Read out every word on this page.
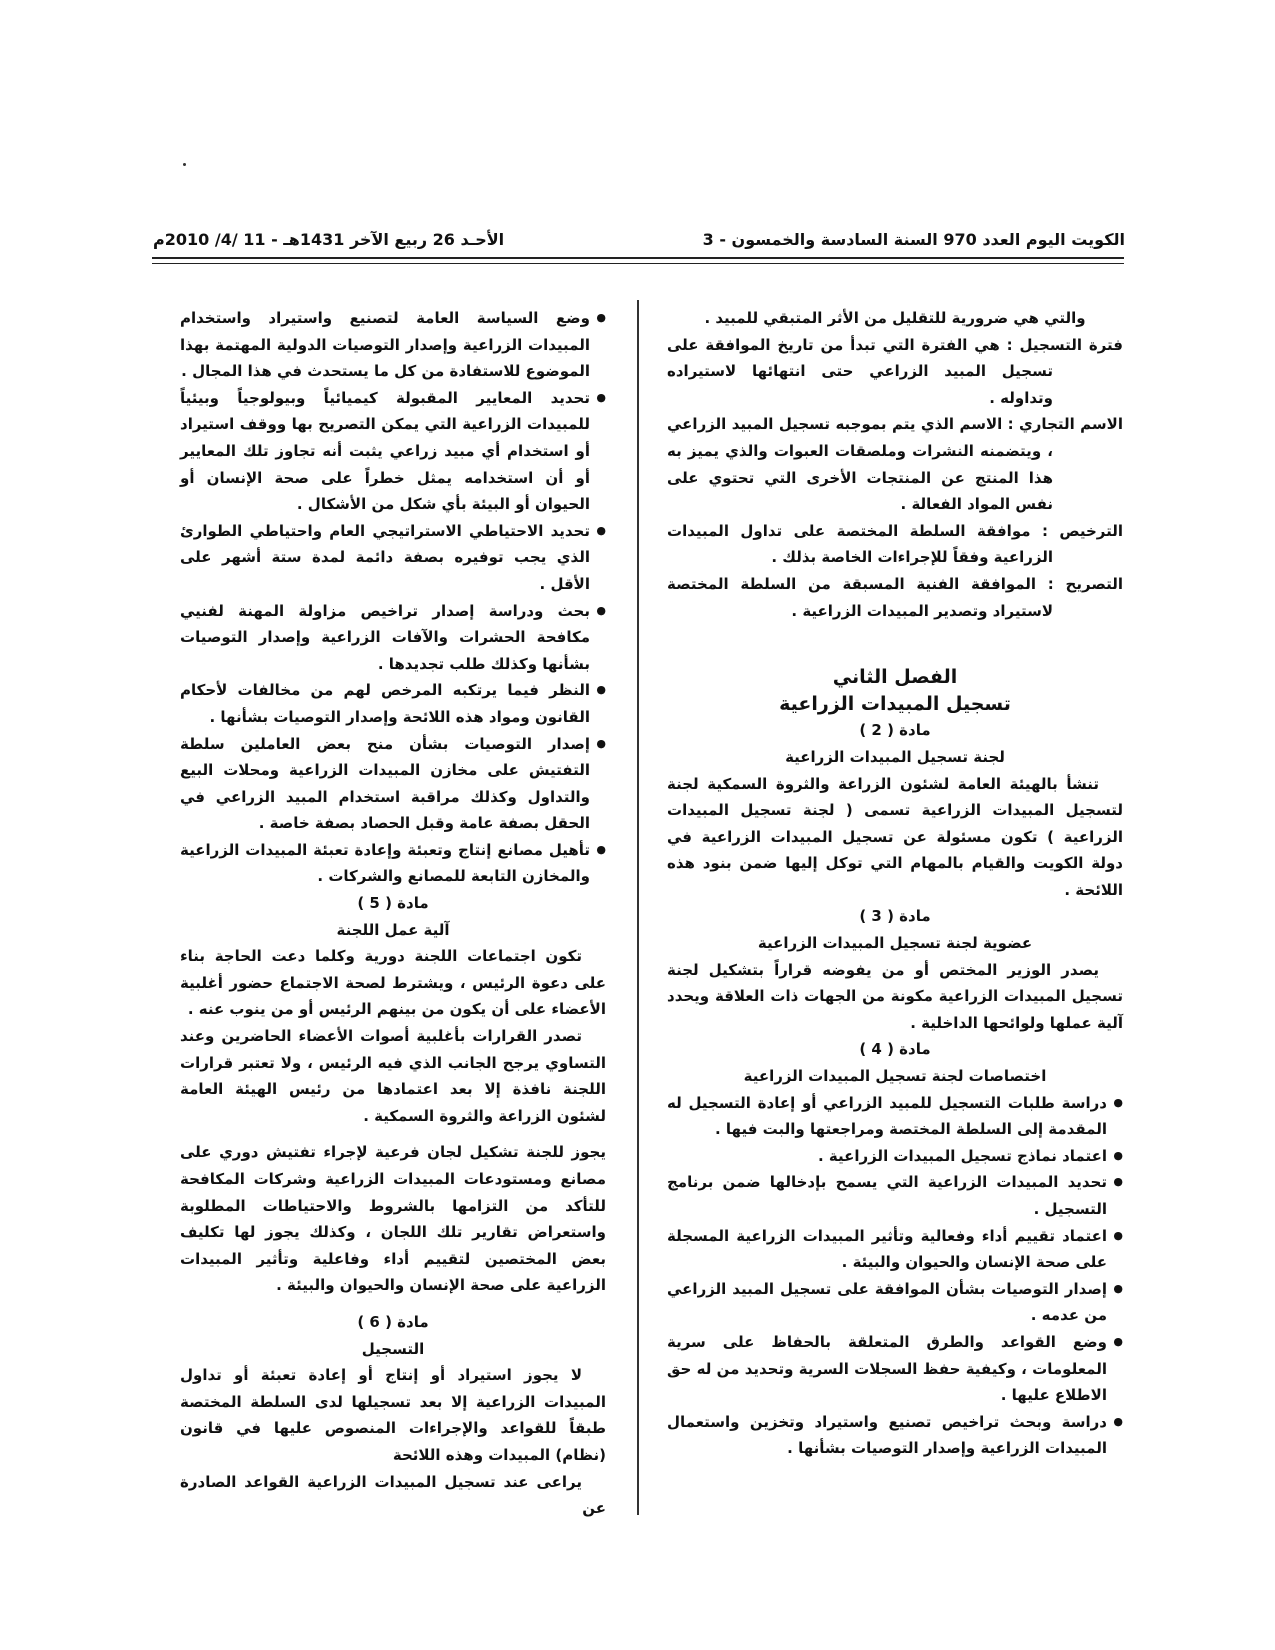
الكويت اليوم العدد 970 السنة السادسة والخمسون - 3
الأحـد 26 ربيع الآخر 1431هـ - 11 /4/ 2010م

والتي هي ضرورية للتقليل من الأثر المتبقي للمبيد .

فترة التسجيل : هي الفترة التي تبدأ من تاريخ الموافقة على تسجيل المبيد الزراعي حتى انتهائها لاستيراده وتداوله .

الاسم التجاري : الاسم الذي يتم بموجبه تسجيل المبيد الزراعي ، ويتضمنه النشرات وملصقات العبوات والذي يميز به هذا المنتج عن المنتجات الأخرى التي تحتوي على نفس المواد الفعالة .

الترخيص : موافقة السلطة المختصة على تداول المبيدات الزراعية وفقاً للإجراءات الخاصة بذلك .

التصريح : الموافقة الفنية المسبقة من السلطة المختصة لاستيراد وتصدير المبيدات الزراعية .

الفصل الثاني

تسجيل المبيدات الزراعية

مادة ( 2 )

لجنة تسجيل المبيدات الزراعية

تنشأ بالهيئة العامة لشئون الزراعة والثروة السمكية لجنة لتسجيل المبيدات الزراعية تسمى ( لجنة تسجيل المبيدات الزراعية ) تكون مسئولة عن تسجيل المبيدات الزراعية في دولة الكويت والقيام بالمهام التي توكل إليها ضمن بنود هذه اللائحة .

مادة ( 3 )

عضوية لجنة تسجيل المبيدات الزراعية

يصدر الوزير المختص أو من يفوضه قراراً بتشكيل لجنة تسجيل المبيدات الزراعية مكونة من الجهات ذات العلاقة ويحدد آلية عملها ولوائحها الداخلية .

مادة ( 4 )

اختصاصات لجنة تسجيل المبيدات الزراعية

● دراسة طلبات التسجيل للمبيد الزراعي أو إعادة التسجيل له المقدمة إلى السلطة المختصة ومراجعتها والبت فيها .

● اعتماد نماذج تسجيل المبيدات الزراعية .

● تحديد المبيدات الزراعية التي يسمح بإدخالها ضمن برنامج التسجيل .

● اعتماد تقييم أداء وفعالية وتأثير المبيدات الزراعية المسجلة على صحة الإنسان والحيوان والبيئة .

● إصدار التوصيات بشأن الموافقة على تسجيل المبيد الزراعي من عدمه .

● وضع القواعد والطرق المتعلقة بالحفاظ على سرية المعلومات ، وكيفية حفظ السجلات السرية وتحديد من له حق الاطلاع عليها .

● دراسة وبحث تراخيص تصنيع واستيراد وتخزين واستعمال المبيدات الزراعية وإصدار التوصيات بشأنها .

● وضع السياسة العامة لتصنيع واستيراد واستخدام المبيدات الزراعية وإصدار التوصيات الدولية المهتمة بهذا الموضوع للاستفادة من كل ما يستحدث في هذا المجال .

● تحديد المعايير المقبولة كيميائياً وبيولوجياً وبيئياً للمبيدات الزراعية التي يمكن التصريح بها ووقف استيراد أو استخدام أي مبيد زراعي يثبت أنه تجاوز تلك المعايير أو أن استخدامه يمثل خطراً على صحة الإنسان أو الحيوان أو البيئة بأي شكل من الأشكال .

● تحديد الاحتياطي الاستراتيجي العام واحتياطي الطوارئ الذي يجب توفيره بصفة دائمة لمدة ستة أشهر على الأقل .

● بحث ودراسة إصدار تراخيص مزاولة المهنة لفنيي مكافحة الحشرات والآفات الزراعية وإصدار التوصيات بشأنها وكذلك طلب تجديدها .

● النظر فيما يرتكبه المرخص لهم من مخالفات لأحكام القانون ومواد هذه اللائحة وإصدار التوصيات بشأنها .

● إصدار التوصيات بشأن منح بعض العاملين سلطة التفتيش على مخازن المبيدات الزراعية ومحلات البيع والتداول وكذلك مراقبة استخدام المبيد الزراعي في الحقل بصفة عامة وقبل الحصاد بصفة خاصة .

● تأهيل مصانع إنتاج وتعبئة وإعادة تعبئة المبيدات الزراعية والمخازن التابعة للمصانع والشركات .

مادة ( 5 )

آلية عمل اللجنة

تكون اجتماعات اللجنة دورية وكلما دعت الحاجة بناء على دعوة الرئيس ، ويشترط لصحة الاجتماع حضور أغلبية الأعضاء على أن يكون من بينهم الرئيس أو من ينوب عنه .

تصدر القرارات بأغلبية أصوات الأعضاء الحاضرين وعند التساوي يرجح الجانب الذي فيه الرئيس ، ولا تعتبر قرارات اللجنة نافذة إلا بعد اعتمادها من رئيس الهيئة العامة لشئون الزراعة والثروة السمكية .

يجوز للجنة تشكيل لجان فرعية لإجراء تفتيش دوري على مصانع ومستودعات المبيدات الزراعية وشركات المكافحة للتأكد من التزامها بالشروط والاحتياطات المطلوبة واستعراض تقارير تلك اللجان ، وكذلك يجوز لها تكليف بعض المختصين لتقييم أداء وفاعلية وتأثير المبيدات الزراعية على صحة الإنسان والحيوان والبيئة .

مادة ( 6 )

التسجيل

لا يجوز استيراد أو إنتاج أو إعادة تعبئة أو تداول المبيدات الزراعية إلا بعد تسجيلها لدى السلطة المختصة طبقاً للقواعد والإجراءات المنصوص عليها في قانون (نظام) المبيدات وهذه اللائحة

يراعى عند تسجيل المبيدات الزراعية القواعد الصادرة عن
